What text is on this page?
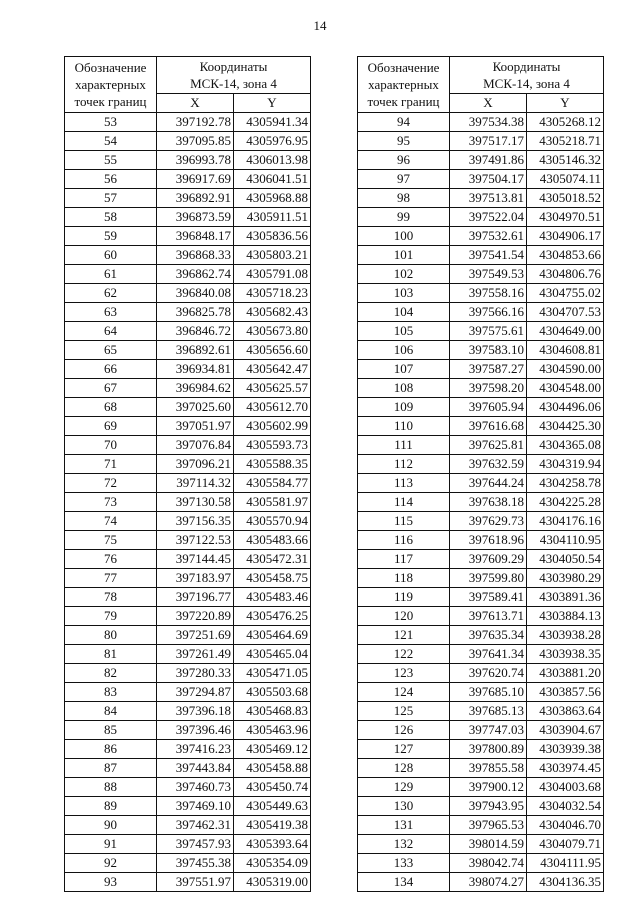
14
Обозначение
характерных
точек границ	Координаты
МСК-14, зона 4	
	X	Y
53	397192.78	4305941.34
54	397095.85	4305976.95
55	396993.78	4306013.98
56	396917.69	4306041.51
57	396892.91	4305968.88
58	396873.59	4305911.51
59	396848.17	4305836.56
60	396868.33	4305803.21
61	396862.74	4305791.08
62	396840.08	4305718.23
63	396825.78	4305682.43
64	396846.72	4305673.80
65	396892.61	4305656.60
66	396934.81	4305642.47
67	396984.62	4305625.57
68	397025.60	4305612.70
69	397051.97	4305602.99
70	397076.84	4305593.73
71	397096.21	4305588.35
72	397114.32	4305584.77
73	397130.58	4305581.97
74	397156.35	4305570.94
75	397122.53	4305483.66
76	397144.45	4305472.31
77	397183.97	4305458.75
78	397196.77	4305483.46
79	397220.89	4305476.25
80	397251.69	4305464.69
81	397261.49	4305465.04
82	397280.33	4305471.05
83	397294.87	4305503.68
84	397396.18	4305468.83
85	397396.46	4305463.96
86	397416.23	4305469.12
87	397443.84	4305458.88
88	397460.73	4305450.74
89	397469.10	4305449.63
90	397462.31	4305419.38
91	397457.93	4305393.64
92	397455.38	4305354.09
93	397551.97	4305319.00
Обозначение
характерных
точек границ	Координаты
МСК-14, зона 4	
	X	Y
94	397534.38	4305268.12
95	397517.17	4305218.71
96	397491.86	4305146.32
97	397504.17	4305074.11
98	397513.81	4305018.52
99	397522.04	4304970.51
100	397532.61	4304906.17
101	397541.54	4304853.66
102	397549.53	4304806.76
103	397558.16	4304755.02
104	397566.16	4304707.53
105	397575.61	4304649.00
106	397583.10	4304608.81
107	397587.27	4304590.00
108	397598.20	4304548.00
109	397605.94	4304496.06
110	397616.68	4304425.30
111	397625.81	4304365.08
112	397632.59	4304319.94
113	397644.24	4304258.78
114	397638.18	4304225.28
115	397629.73	4304176.16
116	397618.96	4304110.95
117	397609.29	4304050.54
118	397599.80	4303980.29
119	397589.41	4303891.36
120	397613.71	4303884.13
121	397635.34	4303938.28
122	397641.34	4303938.35
123	397620.74	4303881.20
124	397685.10	4303857.56
125	397685.13	4303863.64
126	397747.03	4303904.67
127	397800.89	4303939.38
128	397855.58	4303974.45
129	397900.12	4304003.68
130	397943.95	4304032.54
131	397965.53	4304046.70
132	398014.59	4304079.71
133	398042.74	4304111.95
134	398074.27	4304136.35
